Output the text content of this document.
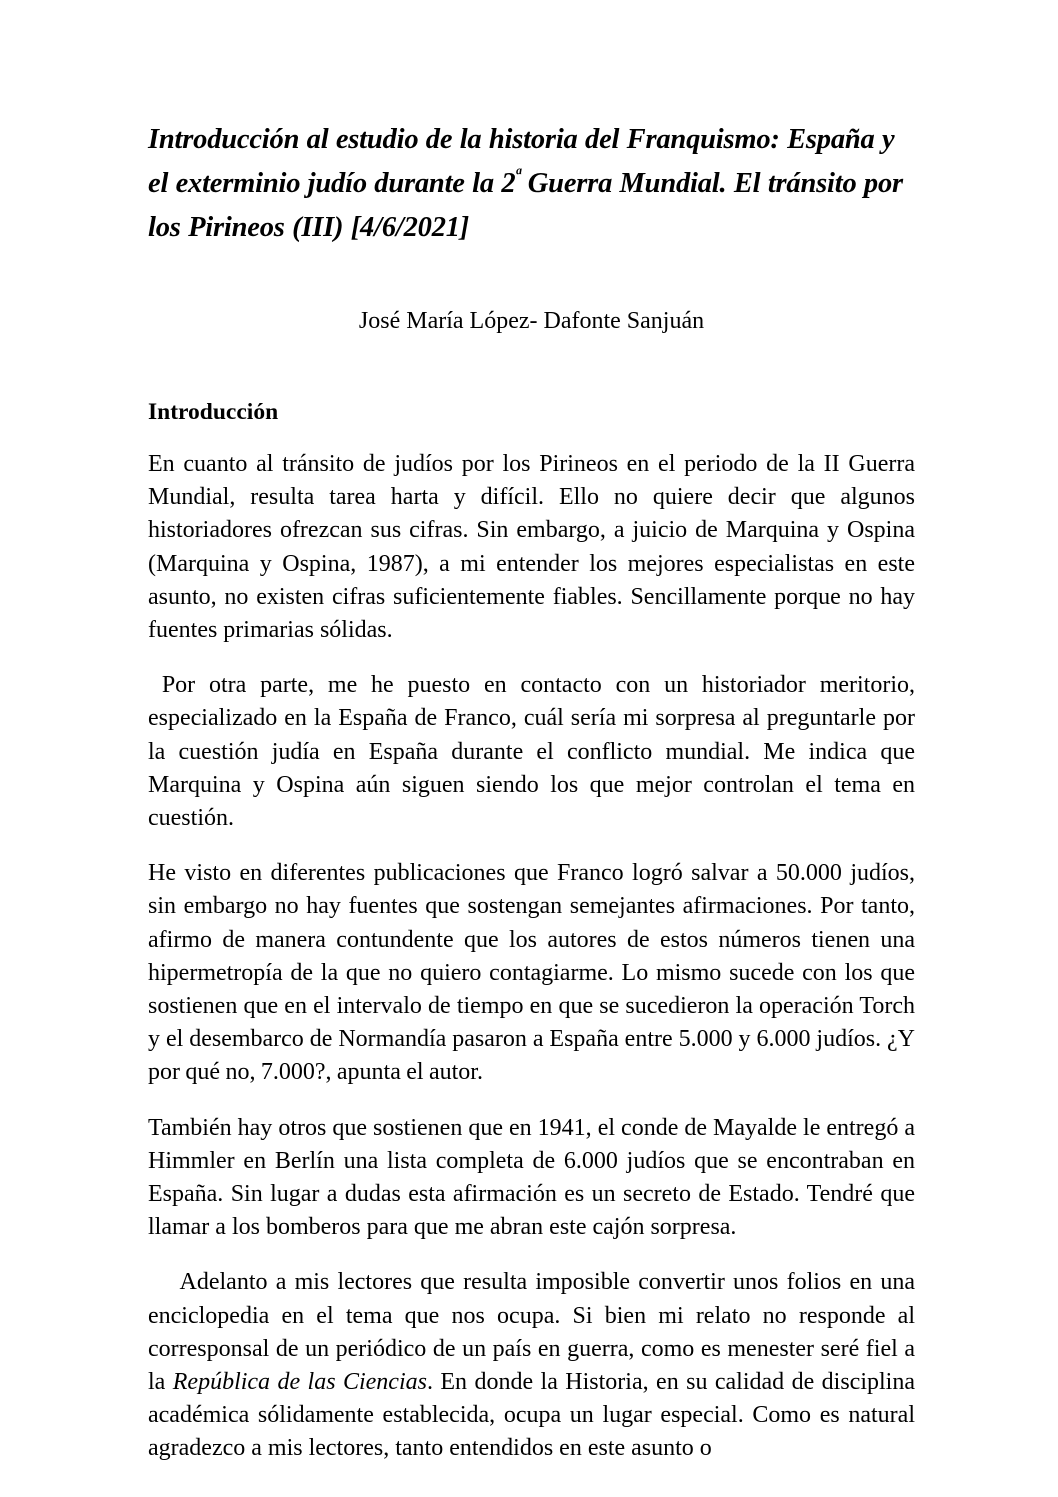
Introducción al estudio de la historia del Franquismo: España y el exterminio judío durante la $2^ª$ Guerra Mundial. El tránsito por los Pirineos (III) [4/6/2021]

José María López- Dafonte Sanjuán

Introducción

En cuanto al tránsito de judíos por los Pirineos en el periodo de la II Guerra Mundial, resulta tarea harta y difícil. Ello no quiere decir que algunos historiadores ofrezcan sus cifras. Sin embargo, a juicio de Marquina y Ospina (Marquina y Ospina, 1987), a mi entender los mejores especialistas en este asunto, no existen cifras suficientemente fiables. Sencillamente porque no hay fuentes primarias sólidas.

Por otra parte, me he puesto en contacto con un historiador meritorio, especializado en la España de Franco, cuál sería mi sorpresa al preguntarle por la cuestión judía en España durante el conflicto mundial. Me indica que Marquina y Ospina aún siguen siendo los que mejor controlan el tema en cuestión.

He visto en diferentes publicaciones que Franco logró salvar a 50.000 judíos, sin embargo no hay fuentes que sostengan semejantes afirmaciones. Por tanto, afirmo de manera contundente que los autores de estos números tienen una hipermetropía de la que no quiero contagiarme. Lo mismo sucede con los que sostienen que en el intervalo de tiempo en que se sucedieron la operación Torch y el desembarco de Normandía pasaron a España entre 5.000 y 6.000 judíos. ¿Y por qué no, 7.000?, apunta el autor.

También hay otros que sostienen que en 1941, el conde de Mayalde le entregó a Himmler en Berlín una lista completa de 6.000 judíos que se encontraban en España. Sin lugar a dudas esta afirmación es un secreto de Estado. Tendré que llamar a los bomberos para que me abran este cajón sorpresa.

Adelanto a mis lectores que resulta imposible convertir unos folios en una enciclopedia en el tema que nos ocupa. Si bien mi relato no responde al corresponsal de un periódico de un país en guerra, como es menester seré fiel a la República de las Ciencias. En donde la Historia, en su calidad de disciplina académica sólidamente establecida, ocupa un lugar especial. Como es natural agradezco a mis lectores, tanto entendidos en este asunto o
